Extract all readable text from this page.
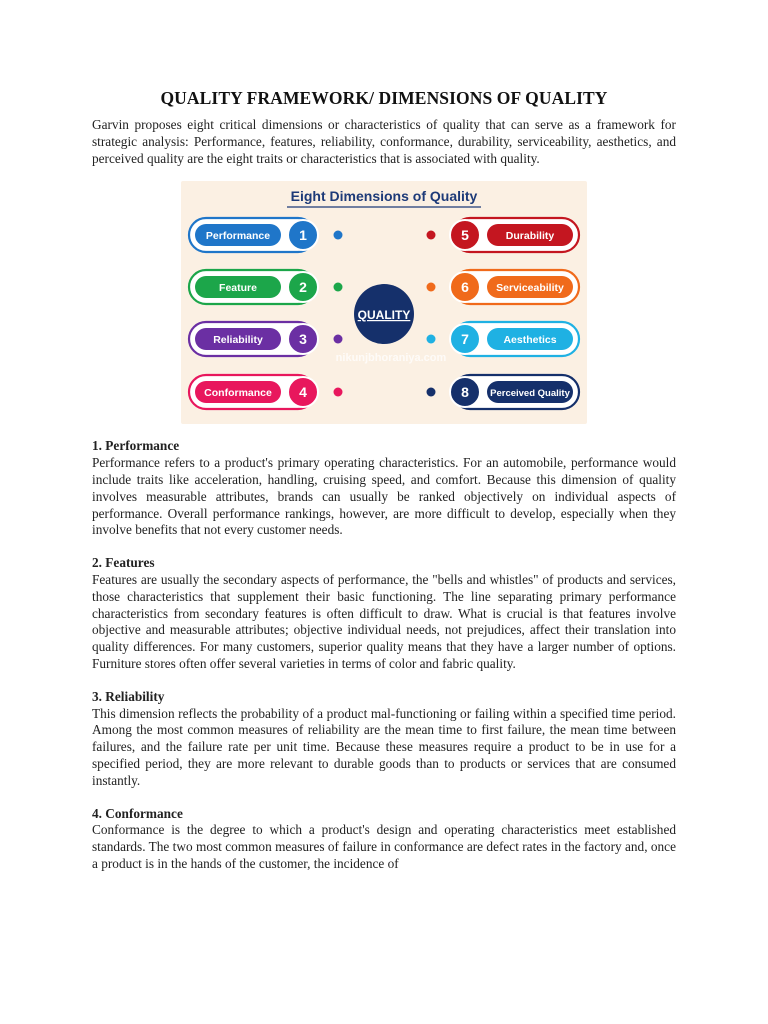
QUALITY FRAMEWORK/ DIMENSIONS OF QUALITY

Garvin proposes eight critical dimensions or characteristics of quality that can serve as a framework for strategic analysis: Performance, features, reliability, conformance, durability, serviceability, aesthetics, and perceived quality are the eight traits or characteristics that is associated with quality.

Eight Dimensions of Quality
1
Performance
2
Feature
3
Reliability
4
Conformance
5	Durability
6	Serviceability
7	Aesthetics
8 Perceived Quality
QUALITY
nikunjbhoraniya.com
1. Performance

Performance refers to a product's primary operating characteristics. For an automobile, performance would include traits like acceleration, handling, cruising speed, and comfort. Because this dimension of quality involves measurable attributes, brands can usually be ranked objectively on individual aspects of performance. Overall performance rankings, however, are more difficult to develop, especially when they involve benefits that not every customer needs.

2. Features

Features are usually the secondary aspects of performance, the "bells and whistles" of products and services, those characteristics that supplement their basic functioning. The line separating primary performance characteristics from secondary features is often difficult to draw. What is crucial is that features involve objective and measurable attributes; objective individual needs, not prejudices, affect their translation into quality differences. For many customers, superior quality means that they have a larger number of options. Furniture stores often offer several varieties in terms of color and fabric quality.

3. Reliability

This dimension reflects the probability of a product mal-functioning or failing within a specified time period. Among the most common measures of reliability are the mean time to first failure, the mean time between failures, and the failure rate per unit time. Because these measures require a product to be in use for a specified period, they are more relevant to durable goods than to products or services that are consumed instantly.

4. Conformance

Conformance is the degree to which a product's design and operating characteristics meet established standards. The two most common measures of failure in conformance are defect rates in the factory and, once a product is in the hands of the customer, the incidence of
